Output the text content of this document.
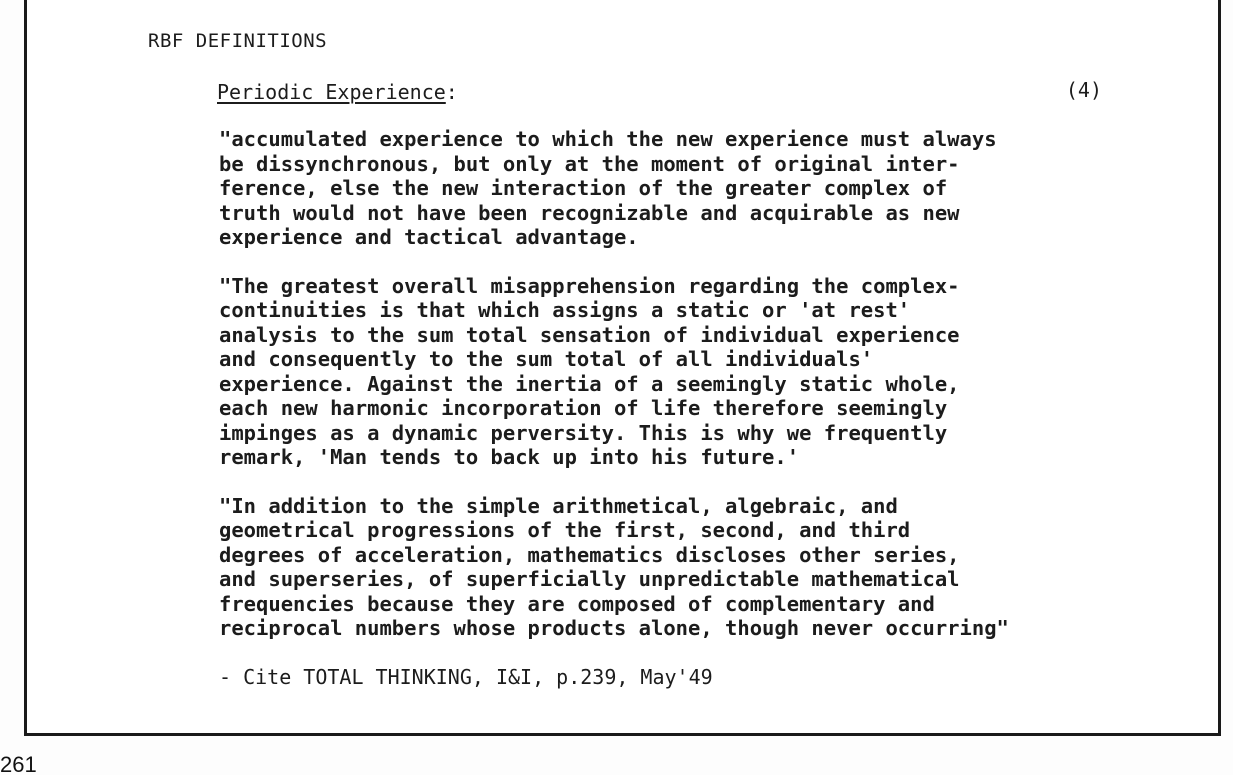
RBF DEFINITIONS
Periodic Experience:	(4)

"accumulated experience to which the new experience must always
be dissynchronous, but only at the moment of original inter-
ference, else the new interaction of the greater complex of
truth would not have been recognizable and acquirable as new
experience and tactical advantage.

"The greatest overall misapprehension regarding the complex-
continuities is that which assigns a static or 'at rest'
analysis to the sum total sensation of individual experience
and consequently to the sum total of all individuals'
experience. Against the inertia of a seemingly static whole,
each new harmonic incorporation of life therefore seemingly
impinges as a dynamic perversity. This is why we frequently
remark, 'Man tends to back up into his future.'

"In addition to the simple arithmetical, algebraic, and
geometrical progressions of the first, second, and third
degrees of acceleration, mathematics discloses other series,
and superseries, of superficially unpredictable mathematical
frequencies because they are composed of complementary and
reciprocal numbers whose products alone, though never occurring"

- Cite TOTAL THINKING, I&I, p.239, May'49

261
